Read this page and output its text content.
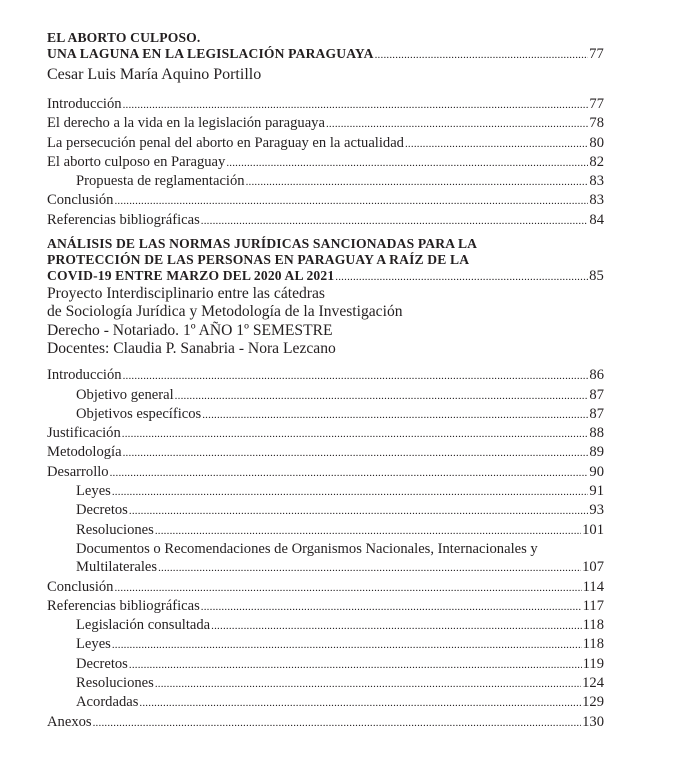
EL ABORTO CULPOSO.
UNA LAGUNA EN LA LEGISLACIÓN PARAGUAYA .....	77
Cesar Luis María Aquino Portillo
Introducción .....	77
El derecho a la vida en la legislación paraguaya .....	78
La persecución penal del aborto en Paraguay en la actualidad .....	80
El aborto culposo en Paraguay .....	82
Propuesta de reglamentación .....	83
Conclusión .....	83
Referencias bibliográficas .....	84
ANÁLISIS DE LAS NORMAS JURÍDICAS SANCIONADAS PARA LA
PROTECCIÓN DE LAS PERSONAS EN PARAGUAY A RAÍZ DE LA
COVID-19 ENTRE MARZO DEL 2020 AL 2021 .....	85
Proyecto Interdisciplinario entre las cátedras
de Sociología Jurídica y Metodología de la Investigación
Derecho - Notariado. 1º AÑO 1º SEMESTRE
Docentes: Claudia P. Sanabria - Nora Lezcano
Introducción .....	86
Objetivo general .....	87
Objetivos específicos .....	87
Justificación .....	88
Metodología .....	89
Desarrollo .....	90
Leyes .....	91
Decretos .....	93
Resoluciones .....	101
Documentos o Recomendaciones de Organismos Nacionales, Internacionales y
Multilaterales .....	107
Conclusión .....	114
Referencias bibliográficas .....	117
Legislación consultada .....	118
Leyes .....	118
Decretos .....	119
Resoluciones .....	124
Acordadas .....	129
Anexos .....	130
